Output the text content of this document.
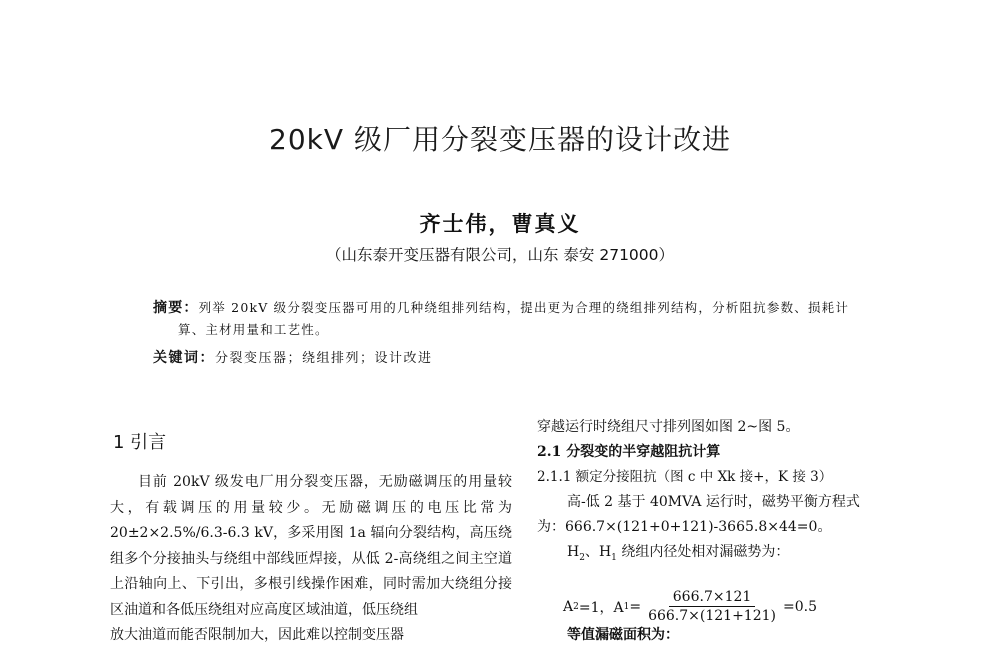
20kV 级厂用分裂变压器的设计改进
齐士伟，曹真义
（山东泰开变压器有限公司，山东 泰安 271000）
摘要：列举 20kV 级分裂变压器可用的几种绕组排列结构，提出更为合理的绕组排列结构，分析阻抗参数、损耗计
算、主材用量和工艺性。
关键词：分裂变压器；绕组排列；设计改进
1 引言

目前 20kV 级发电厂用分裂变压器，无励磁调压的用量较大，有载调压的用量较少。无励磁调压的电压比常为 20±2×2.5%/6.3-6.3 kV，多采用图 1a 辐向分裂结构，高压绕组多个分接抽头与绕组中部线匝焊接，从低 2-高绕组之间主空道上沿轴向上、下引出，多根引线操作困难，同时需加大绕组分接区油道和各低压绕组对应高度区域油道，低压绕组

放大油道而能否限制加大，因此难以控制变压器
穿越运行时绕组尺寸排列图如图 2~图 5。
2.1 分裂变的半穿越阻抗计算
2.1.1 额定分接阻抗（图 c 中 Xk 接+，K 接 3）
高-低 2 基于 40MVA 运行时，磁势平衡方程式
为：666.7×(121+0+121)-3665.8×44=0。
$H_2$、$H_1$ 绕组内径处相对漏磁势为：
A 2 =1，A $1 = \frac{666.7\times 121}{666.7\times(121+121)} =0.5$
等值漏磁面积为：
